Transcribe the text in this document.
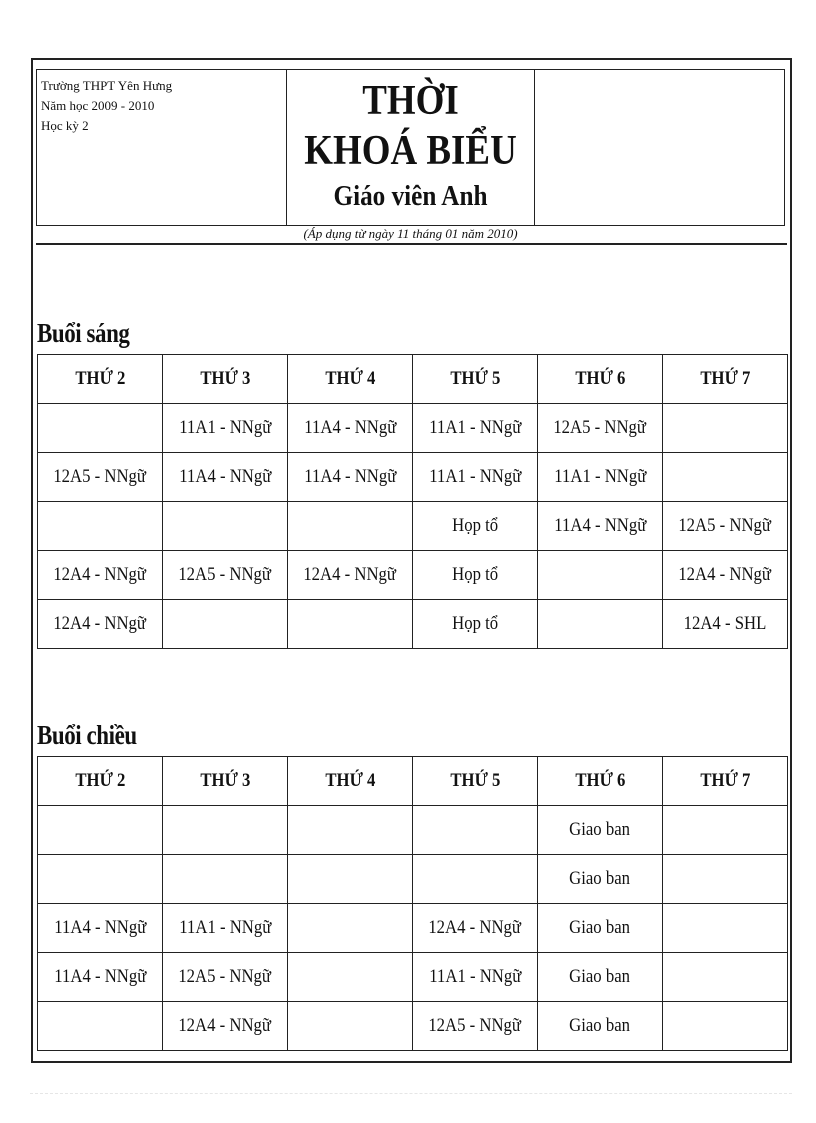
Trường THPT Yên Hưng
Năm học 2009 - 2010
Học kỳ 2
THỜI KHOÁ BIỂU
Giáo viên Anh
(Áp dụng từ ngày 11 tháng 01 năm 2010)
Buổi sáng
THỨ 2	THỨ 3	THỨ 4	THỨ 5	THỨ 6	THỨ 7
	11A1 - NNgữ	11A4 - NNgữ	11A1 - NNgữ	12A5 - NNgữ	
12A5 - NNgữ	11A4 - NNgữ	11A4 - NNgữ	11A1 - NNgữ	11A1 - NNgữ	
			Họp tổ	11A4 - NNgữ	12A5 - NNgữ
12A4 - NNgữ	12A5 - NNgữ	12A4 - NNgữ	Họp tổ		12A4 - NNgữ
12A4 - NNgữ			Họp tổ		12A4 - SHL
Buổi chiều
THỨ 2	THỨ 3	THỨ 4	THỨ 5	THỨ 6	THỨ 7
				Giao ban	
				Giao ban	
11A4 - NNgữ	11A1 - NNgữ		12A4 - NNgữ	Giao ban	
11A4 - NNgữ	12A5 - NNgữ		11A1 - NNgữ	Giao ban	
	12A4 - NNgữ		12A5 - NNgữ	Giao ban	
